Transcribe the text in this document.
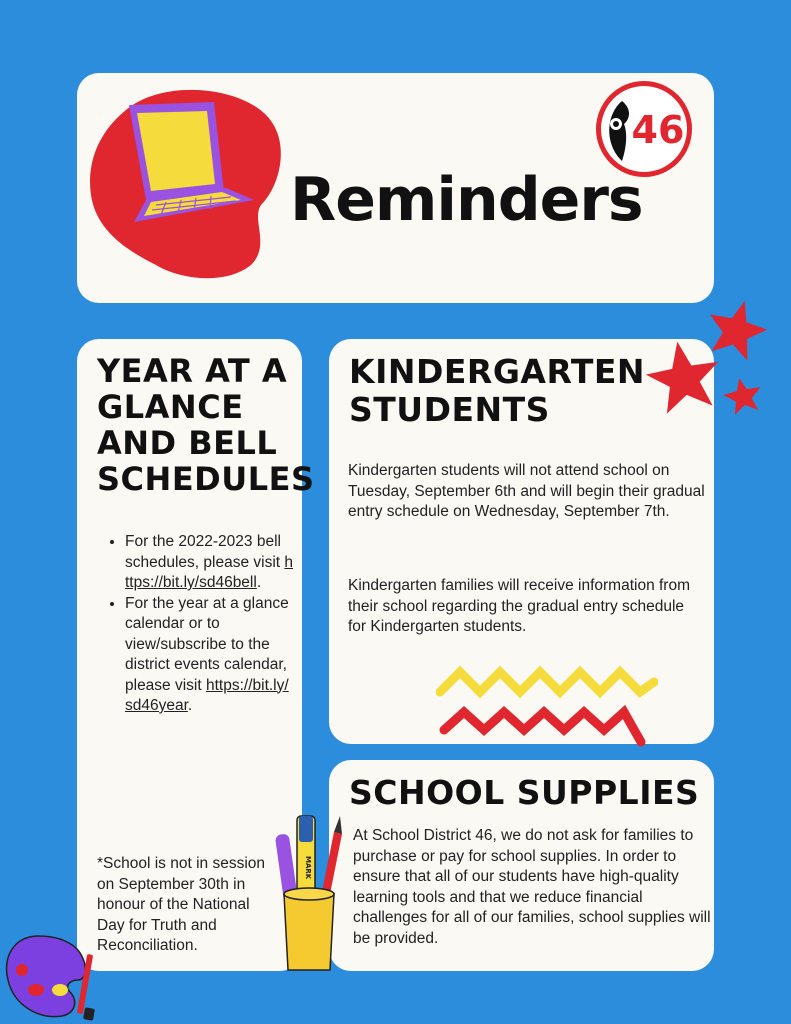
46
Reminders
YEAR AT A GLANCE AND BELL SCHEDULES
• For the 2022-2023 bell schedules, please visit https://bit.ly/sd46bell.
• For the year at a glance calendar or to view/subscribe to the district events calendar, please visit https://bit.ly/sd46year.
*School is not in session on September 30th in honour of the National Day for Truth and Reconciliation.
KINDERGARTEN STUDENTS

Kindergarten students will not attend school on Tuesday, September 6th and will begin their gradual entry schedule on Wednesday, September 7th.

Kindergarten families will receive information from their school regarding the gradual entry schedule for Kindergarten students.

SCHOOL SUPPLIES

At School District 46, we do not ask for families to purchase or pay for school supplies. In order to ensure that all of our students have high-quality learning tools and that we reduce financial challenges for all of our families, school supplies will be provided.

MARK
